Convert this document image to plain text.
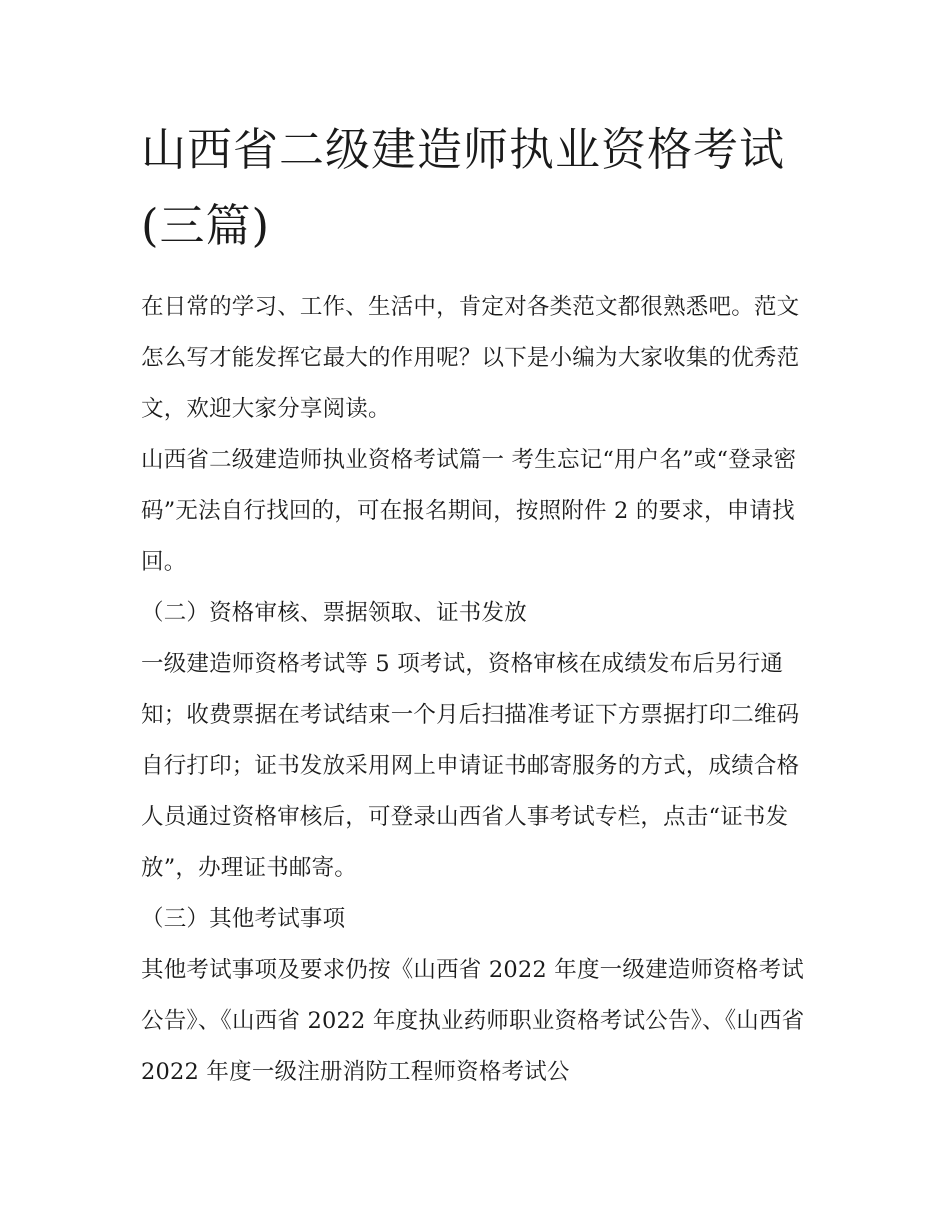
山西省二级建造师执业资格考试(三篇)

在日常的学习、工作、生活中，肯定对各类范文都很熟悉吧。范文怎么写才能发挥它最大的作用呢？以下是小编为大家收集的优秀范文，欢迎大家分享阅读。

山西省二级建造师执业资格考试篇一 考生忘记“用户名”或“登录密码”无法自行找回的，可在报名期间，按照附件 2 的要求，申请找回。

（二）资格审核、票据领取、证书发放

一级建造师资格考试等 5 项考试，资格审核在成绩发布后另行通知；收费票据在考试结束一个月后扫描准考证下方票据打印二维码自行打印；证书发放采用网上申请证书邮寄服务的方式，成绩合格人员通过资格审核后，可登录山西省人事考试专栏，点击“证书发放”，办理证书邮寄。

（三）其他考试事项

其他考试事项及要求仍按《山西省 2022 年度一级建造师资格考试公告》、《山西省 2022 年度执业药师职业资格考试公告》、《山西省 2022 年度一级注册消防工程师资格考试公
